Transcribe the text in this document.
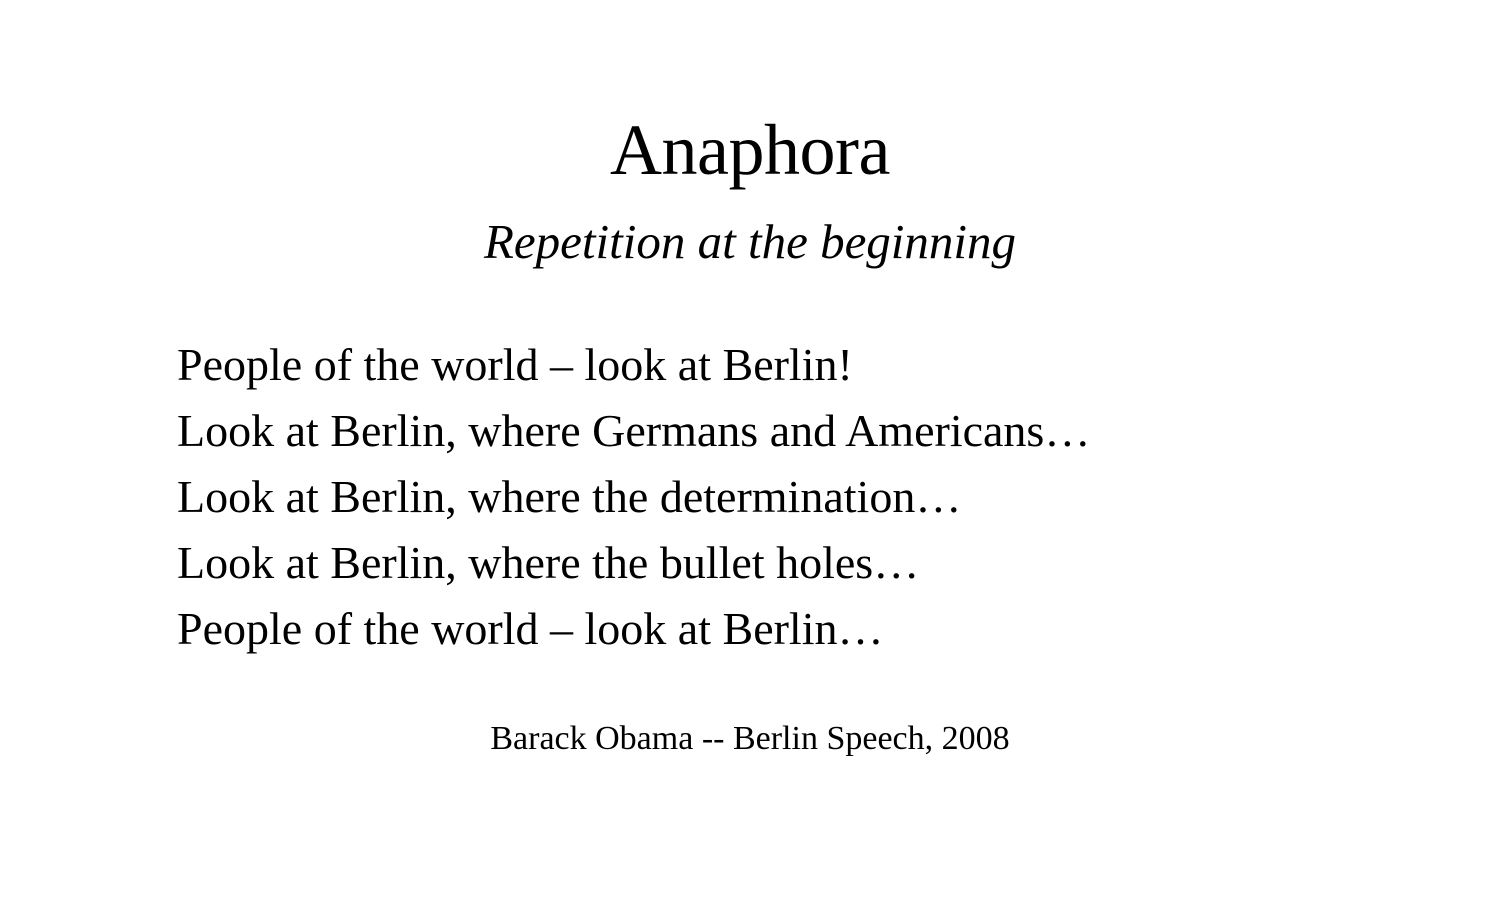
Anaphora
Repetition at the beginning
People of the world – look at Berlin!
Look at Berlin, where Germans and Americans…
Look at Berlin, where the determination…
Look at Berlin, where the bullet holes…
People of the world – look at Berlin…
Barack Obama -- Berlin Speech, 2008
